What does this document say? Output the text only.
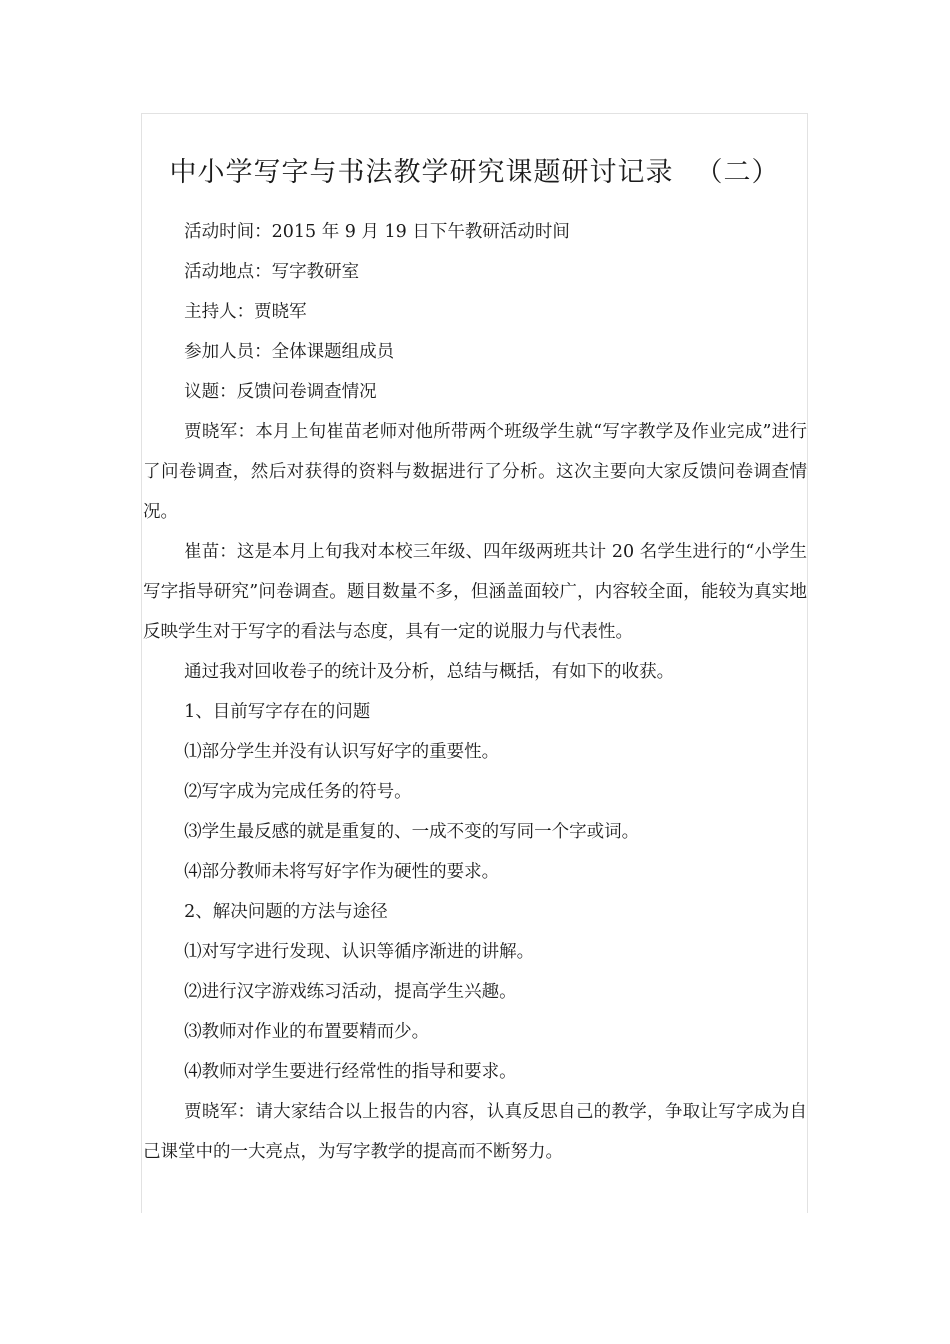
中小学写字与书法教学研究课题研讨记录 （二）

活动时间：2015 年 9 月 19 日下午教研活动时间

活动地点：写字教研室

主持人：贾晓军

参加人员：全体课题组成员

议题：反馈问卷调查情况

贾晓军：本月上旬崔苗老师对他所带两个班级学生就“写字教学及作业完成”进行了问卷调查，然后对获得的资料与数据进行了分析。这次主要向大家反馈问卷调查情况。

崔苗：这是本月上旬我对本校三年级、四年级两班共计 20 名学生进行的“小学生写字指导研究”问卷调查。题目数量不多，但涵盖面较广，内容较全面，能较为真实地反映学生对于写字的看法与态度，具有一定的说服力与代表性。

通过我对回收卷子的统计及分析，总结与概括，有如下的收获。

1、目前写字存在的问题

⑴部分学生并没有认识写好字的重要性。

⑵写字成为完成任务的符号。

⑶学生最反感的就是重复的、一成不变的写同一个字或词。

⑷部分教师未将写好字作为硬性的要求。

2、解决问题的方法与途径

⑴对写字进行发现、认识等循序渐进的讲解。

⑵进行汉字游戏练习活动，提高学生兴趣。

⑶教师对作业的布置要精而少。

⑷教师对学生要进行经常性的指导和要求。

贾晓军：请大家结合以上报告的内容，认真反思自己的教学，争取让写字成为自己课堂中的一大亮点，为写字教学的提高而不断努力。
